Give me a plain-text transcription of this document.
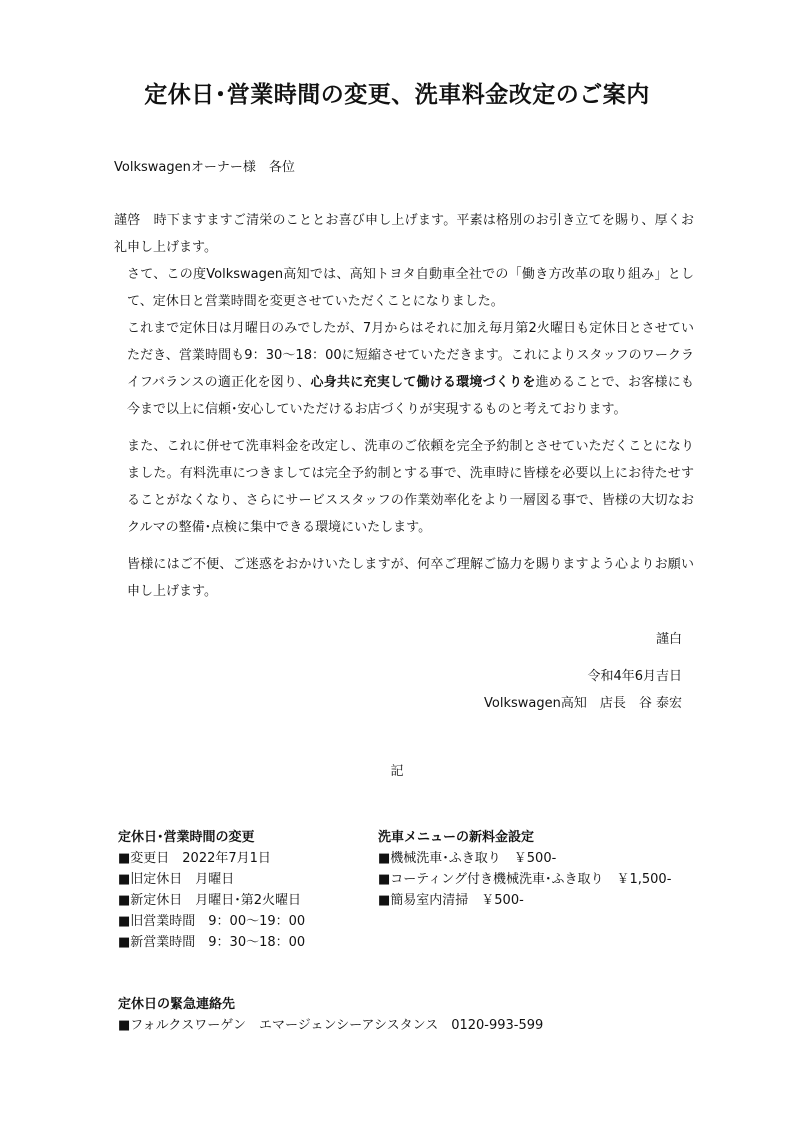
定休日･営業時間の変更、洗車料金改定のご案内
Volkswagenオーナー様　各位

謹啓　時下ますますご清栄のこととお喜び申し上げます。平素は格別のお引き立てを賜り、厚くお礼申し上げます。

さて、この度Volkswagen高知では、高知トヨタ自動車全社での「働き方改革の取り組み」として、定休日と営業時間を変更させていただくことになりました。

これまで定休日は月曜日のみでしたが、7月からはそれに加え毎月第2火曜日も定休日とさせていただき、営業時間も9：30～18：00に短縮させていただきます。これによりスタッフのワークライフバランスの適正化を図り、心身共に充実して働ける環境づくりを進めることで、お客様にも今まで以上に信頼･安心していただけるお店づくりが実現するものと考えております。

また、これに併せて洗車料金を改定し、洗車のご依頼を完全予約制とさせていただくことになりました。有料洗車につきましては完全予約制とする事で、洗車時に皆様を必要以上にお待たせすることがなくなり、さらにサービススタッフの作業効率化をより一層図る事で、皆様の大切なおクルマの整備･点検に集中できる環境にいたします。

皆様にはご不便、ご迷惑をおかけいたしますが、何卒ご理解ご協力を賜りますよう心よりお願い申し上げます。

謹白
令和4年6月吉日
Volkswagen高知　店長　谷 泰宏
記
定休日･営業時間の変更
■変更日　2022年7月1日
■旧定休日　月曜日
■新定休日　月曜日･第2火曜日
■旧営業時間　9：00～19：00
■新営業時間　9：30～18：00
洗車メニューの新料金設定
■機械洗車･ふき取り　￥500-
■コーティング付き機械洗車･ふき取り　￥1,500-
■簡易室内清掃　￥500-
定休日の緊急連絡先
■フォルクスワーゲン　エマージェンシーアシスタンス　0120-993-599
